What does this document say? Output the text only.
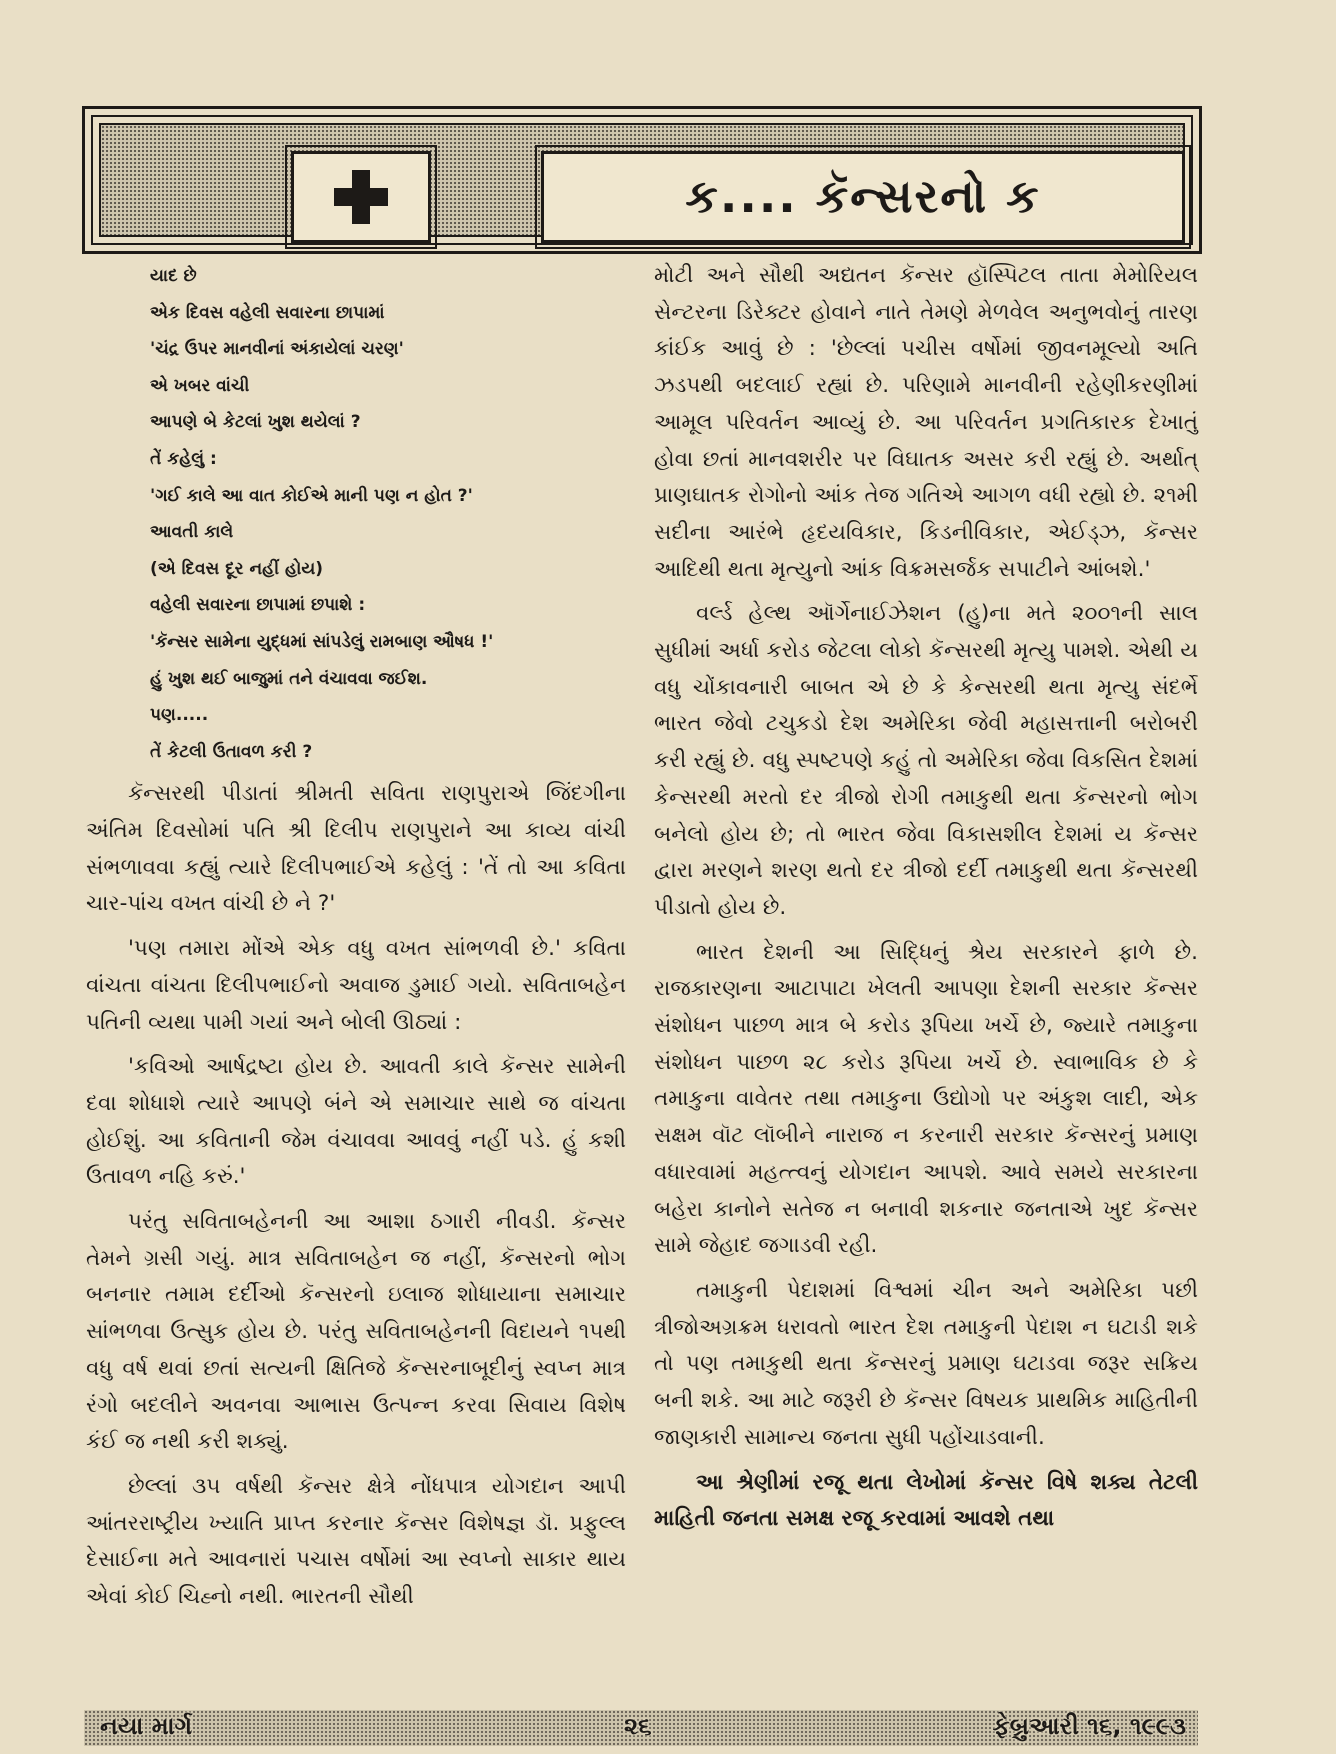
ક.... કૅન્સરનો ક
યાદ છે
એક દિવસ વહેલી સવારના છાપામાં
'ચંદ્ર ઉપર માનવીનાં અંકાયેલાં ચરણ'
એ ખબર વાંચી
આપણે બે કેટલાં ખુશ થયેલાં ?
તેં કહેલું :
'ગઈ કાલે આ વાત કોઈએ માની પણ ન હોત ?'
આવતી કાલે
(એ દિવસ દૂર નહીં હોય)
વહેલી સવારના છાપામાં છપાશે :
'કૅન્સર સામેના યુદ્ધમાં સાંપડેલું રામબાણ ઔષધ !'
હું ખુશ થઈ બાજુમાં તને વંચાવવા જઈશ.
પણ.....
તેં કેટલી ઉતાવળ કરી ?

કૅન્સરથી પીડાતાં શ્રીમતી સવિતા રાણપુરાએ જિંદગીના અંતિમ દિવસોમાં પતિ શ્રી દિલીપ રાણપુરાને આ કાવ્ય વાંચી સંભળાવવા કહ્યું ત્યારે દિલીપભાઈએ કહેલું : 'તેં તો આ કવિતા ચાર-પાંચ વખત વાંચી છે ને ?'

'પણ તમારા મોંએ એક વધુ વખત સાંભળવી છે.' કવિતા વાંચતા વાંચતા દિલીપભાઈનો અવાજ ડુમાઈ ગયો. સવિતાબહેન પતિની વ્યથા પામી ગયાં અને બોલી ઊઠ્યાં :

'કવિઓ આર્ષદ્રષ્ટા હોય છે. આવતી કાલે કૅન્સર સામેની દવા શોધાશે ત્યારે આપણે બંને એ સમાચાર સાથે જ વાંચતા હોઈશું. આ કવિતાની જેમ વંચાવવા આવવું નહીં પડે. હું કશી ઉતાવળ નહિ કરું.'

પરંતુ સવિતાબહેનની આ આશા ઠગારી નીવડી. કૅન્સર તેમને ગ્રસી ગયું. માત્ર સવિતાબહેન જ નહીં, કૅન્સરનો ભોગ બનનાર તમામ દર્દીઓ કૅન્સરનો ઇલાજ શોધાયાના સમાચાર સાંભળવા ઉત્સુક હોય છે. પરંતુ સવિતાબહેનની વિદાયને ૧૫થી વધુ વર્ષ થવાં છતાં સત્યની ક્ષિતિજે કૅન્સરનાબૂદીનું સ્વપ્ન માત્ર રંગો બદલીને અવનવા આભાસ ઉત્પન્ન કરવા સિવાય વિશેષ કંઈ જ નથી કરી શક્યું.

છેલ્લાં ૩૫ વર્ષથી કૅન્સર ક્ષેત્રે નોંધપાત્ર યોગદાન આપી આંતરરાષ્ટ્રીય ખ્યાતિ પ્રાપ્ત કરનાર કૅન્સર વિશેષજ્ઞ ડૉ. પ્રફુલ્લ દેસાઈના મતે આવનારાં પચાસ વર્ષોમાં આ સ્વપ્નો સાકાર થાય એવાં કોઈ ચિહ્નો નથી. ભારતની સૌથી

મોટી અને સૌથી અદ્યતન કૅન્સર હૉસ્પિટલ તાતા મેમોરિયલ સેન્ટરના ડિરેક્ટર હોવાને નાતે તેમણે મેળવેલ અનુભવોનું તારણ કાંઈક આવું છે : 'છેલ્લાં પચીસ વર્ષોમાં જીવનમૂલ્યો અતિ ઝડપથી બદલાઈ રહ્યાં છે. પરિણામે માનવીની રહેણીકરણીમાં આમૂલ પરિવર્તન આવ્યું છે. આ પરિવર્તન પ્રગતિકારક દેખાતું હોવા છતાં માનવશરીર પર વિઘાતક અસર કરી રહ્યું છે. અર્થાત્ પ્રાણઘાતક રોગોનો આંક તેજ ગતિએ આગળ વધી રહ્યો છે. ૨૧મી સદીના આરંભે હૃદયવિકાર, કિડનીવિકાર, એઈડ્ઝ, કૅન્સર આદિથી થતા મૃત્યુનો આંક વિક્રમસર્જક સપાટીને આંબશે.'

વર્લ્ડ હેલ્થ ઑર્ગેનાઈઝેશન (હુ)ના મતે ૨૦૦૧ની સાલ સુધીમાં અર્ધા કરોડ જેટલા લોકો કૅન્સરથી મૃત્યુ પામશે. એથી ય વધુ ચોંકાવનારી બાબત એ છે કે કેન્સરથી થતા મૃત્યુ સંદર્ભે ભારત જેવો ટચુકડો દેશ અમેરિકા જેવી મહાસત્તાની બરોબરી કરી રહ્યું છે. વધુ સ્પષ્ટપણે કહું તો અમેરિકા જેવા વિકસિત દેશમાં કેન્સરથી મરતો દર ત્રીજો રોગી તમાકુથી થતા કૅન્સરનો ભોગ બનેલો હોય છે; તો ભારત જેવા વિકાસશીલ દેશમાં ય કૅન્સર દ્વારા મરણને શરણ થતો દર ત્રીજો દર્દી તમાકુથી થતા કૅન્સરથી પીડાતો હોય છે.

ભારત દેશની આ સિદ્ધિનું શ્રેય સરકારને ફાળે છે. રાજકારણના આટાપાટા ખેલતી આપણા દેશની સરકાર કૅન્સર સંશોધન પાછળ માત્ર બે કરોડ રૂપિયા ખર્ચે છે, જ્યારે તમાકુના સંશોધન પાછળ ૨૮ કરોડ રૂપિયા ખર્ચે છે. સ્વાભાવિક છે કે તમાકુના વાવેતર તથા તમાકુના ઉદ્યોગો પર અંકુશ લાદી, એક સક્ષમ વૉટ લૉબીને નારાજ ન કરનારી સરકાર કૅન્સરનું પ્રમાણ વધારવામાં મહત્ત્વનું યોગદાન આપશે. આવે સમયે સરકારના બહેરા કાનોને સતેજ ન બનાવી શકનાર જનતાએ ખુદ કૅન્સર સામે જેહાદ જગાડવી રહી.

તમાકુની પેદાશમાં વિશ્વમાં ચીન અને અમેરિકા પછી ત્રીજોઅગ્રક્રમ ધરાવતો ભારત દેશ તમાકુની પેદાશ ન ઘટાડી શકે તો પણ તમાકુથી થતા કૅન્સરનું પ્રમાણ ઘટાડવા જરૂર સક્રિય બની શકે. આ માટે જરૂરી છે કૅન્સર વિષયક પ્રાથમિક માહિતીની જાણકારી સામાન્ય જનતા સુધી પહોંચાડવાની.

આ શ્રેણીમાં રજૂ થતા લેખોમાં કૅન્સર વિષે શક્ય તેટલી માહિતી જનતા સમક્ષ રજૂ કરવામાં આવશે તથા

નયા માર્ગ	૨૬	ફેબ્રુઆરી ૧૬, ૧૯૯૩
